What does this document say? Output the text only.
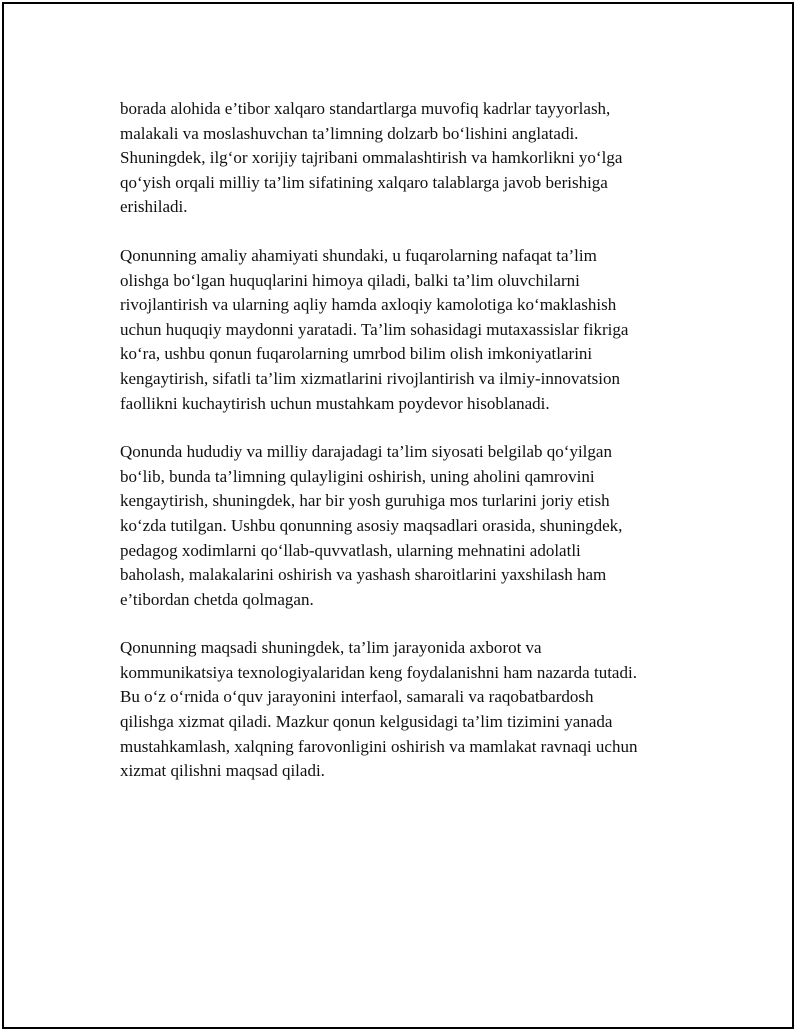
borada alohida e’tibor xalqaro standartlarga muvofiq kadrlar tayyorlash,
malakali va moslashuvchan ta’limning dolzarb bo‘lishini anglatadi.
Shuningdek, ilg‘or xorijiy tajribani ommalashtirish va hamkorlikni yo‘lga
qo‘yish orqali milliy ta’lim sifatining xalqaro talablarga javob berishiga
erishiladi.

Qonunning amaliy ahamiyati shundaki, u fuqarolarning nafaqat ta’lim
olishga bo‘lgan huquqlarini himoya qiladi, balki ta’lim oluvchilarni
rivojlantirish va ularning aqliy hamda axloqiy kamolotiga ko‘maklashish
uchun huquqiy maydonni yaratadi. Ta’lim sohasidagi mutaxassislar fikriga
ko‘ra, ushbu qonun fuqarolarning umrbod bilim olish imkoniyatlarini
kengaytirish, sifatli ta’lim xizmatlarini rivojlantirish va ilmiy-innovatsion
faollikni kuchaytirish uchun mustahkam poydevor hisoblanadi.

Qonunda hududiy va milliy darajadagi ta’lim siyosati belgilab qo‘yilgan
bo‘lib, bunda ta’limning qulayligini oshirish, uning aholini qamrovini
kengaytirish, shuningdek, har bir yosh guruhiga mos turlarini joriy etish
ko‘zda tutilgan. Ushbu qonunning asosiy maqsadlari orasida, shuningdek,
pedagog xodimlarni qo‘llab-quvvatlash, ularning mehnatini adolatli
baholash, malakalarini oshirish va yashash sharoitlarini yaxshilash ham
e’tibordan chetda qolmagan.

Qonunning maqsadi shuningdek, ta’lim jarayonida axborot va
kommunikatsiya texnologiyalaridan keng foydalanishni ham nazarda tutadi.
Bu o‘z o‘rnida o‘quv jarayonini interfaol, samarali va raqobatbardosh
qilishga xizmat qiladi. Mazkur qonun kelgusidagi ta’lim tizimini yanada
mustahkamlash, xalqning farovonligini oshirish va mamlakat ravnaqi uchun
xizmat qilishni maqsad qiladi.
